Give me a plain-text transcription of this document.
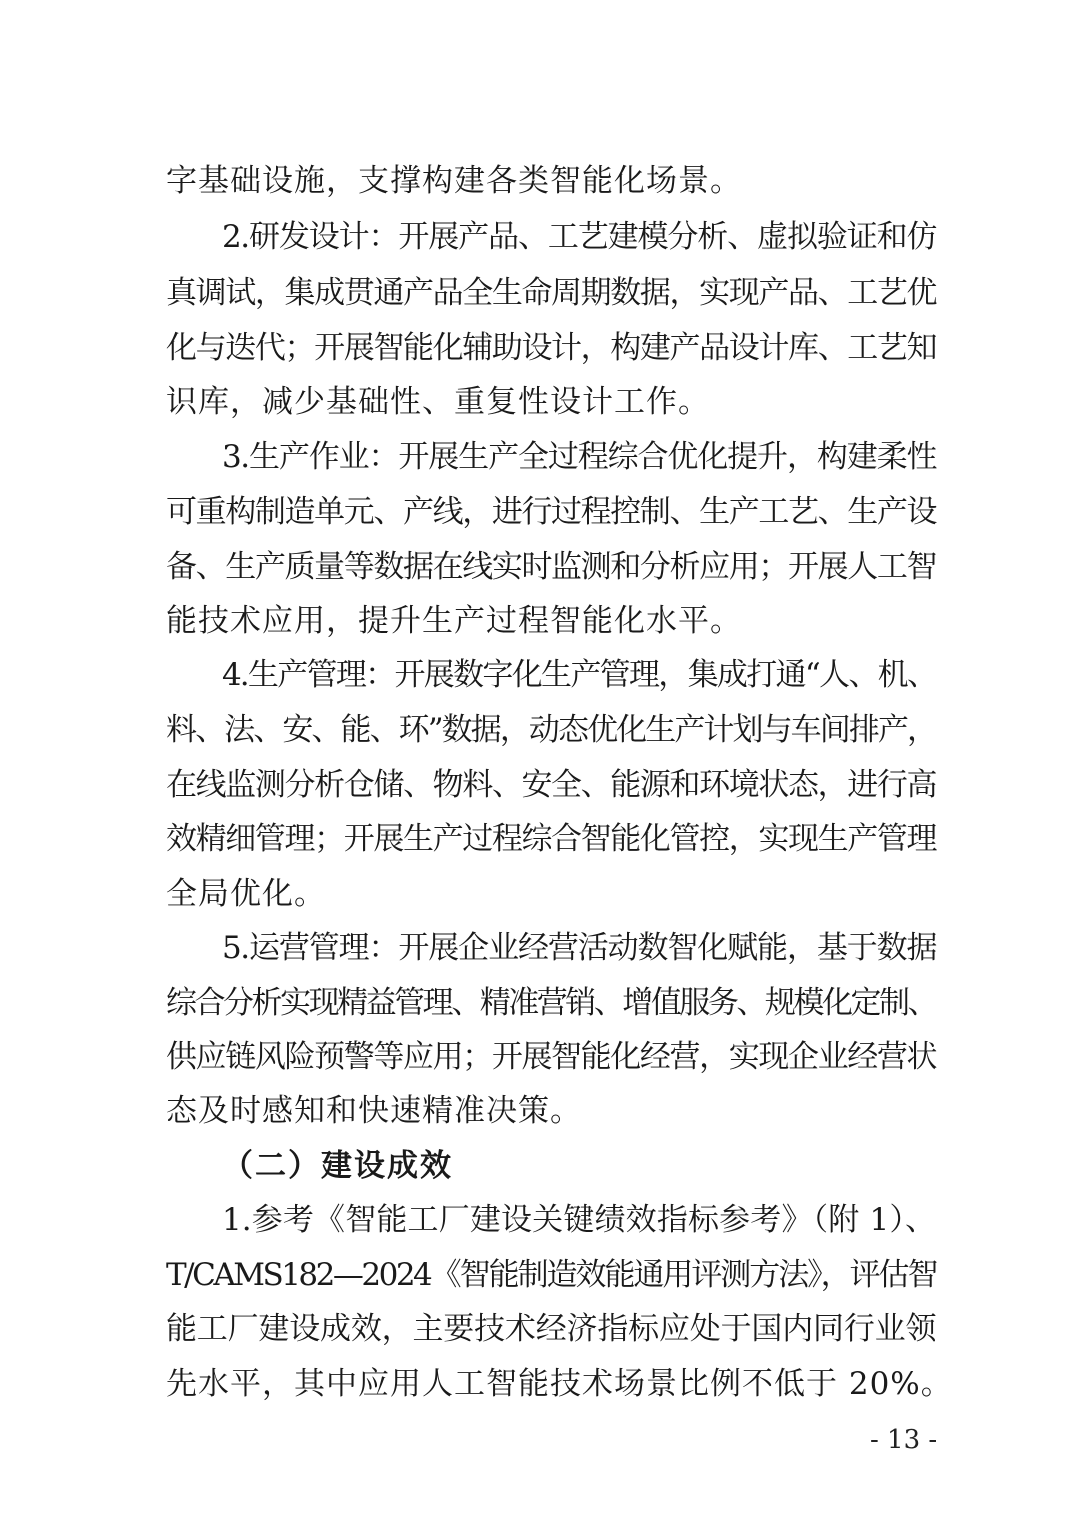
字基础设施，支撑构建各类智能化场景。
2.研发设计：开展产品、工艺建模分析、虚拟验证和仿
真调试，集成贯通产品全生命周期数据，实现产品、工艺优
化与迭代；开展智能化辅助设计，构建产品设计库、工艺知
识库，减少基础性、重复性设计工作。
3.生产作业：开展生产全过程综合优化提升，构建柔性
可重构制造单元、产线，进行过程控制、生产工艺、生产设
备、生产质量等数据在线实时监测和分析应用；开展人工智
能技术应用，提升生产过程智能化水平。
4.生产管理：开展数字化生产管理，集成打通“人、机、
料、法、安、能、环”数据，动态优化生产计划与车间排产，
在线监测分析仓储、物料、安全、能源和环境状态，进行高
效精细管理；开展生产过程综合智能化管控，实现生产管理
全局优化。
5.运营管理：开展企业经营活动数智化赋能，基于数据
综合分析实现精益管理、精准营销、增值服务、规模化定制、
供应链风险预警等应用；开展智能化经营，实现企业经营状
态及时感知和快速精准决策。
（二）建设成效
1.参考《智能工厂建设关键绩效指标参考》（附 1）、
T/CAMS182—2024《智能制造效能通用评测方法》，评估智
能工厂建设成效，主要技术经济指标应处于国内同行业领
先水平，其中应用人工智能技术场景比例不低于 20%。
- 13 -
